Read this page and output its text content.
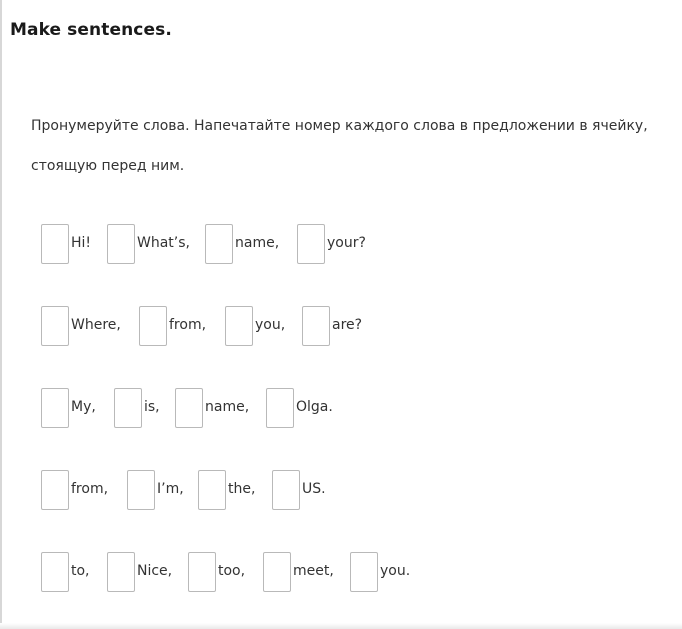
Make sentences.
Пронумеруйте слова. Напечатайте номер каждого слова в предложении в ячейку, стоящую перед ним.
Hi!	What’s,	name,	your?
Where,	from,	you,	are?
My,	is,	name,	Olga.
from,	I’m,	the,	US.
to,	Nice,	too,	meet,	you.
